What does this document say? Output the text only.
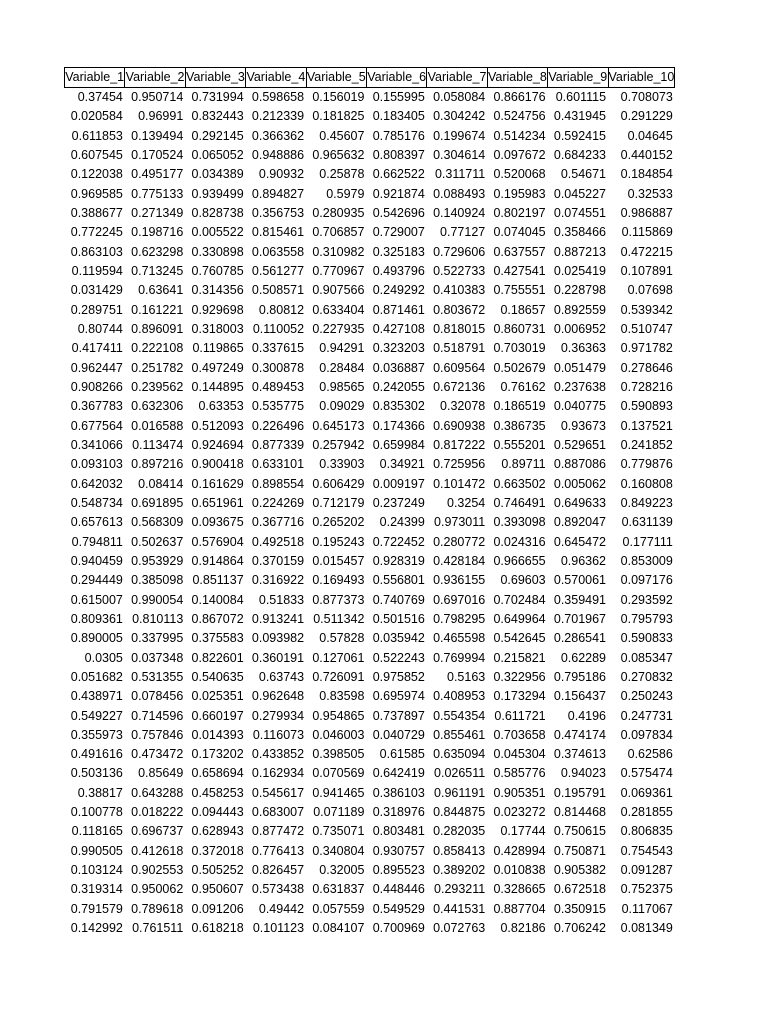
Variable_1	Variable_2	Variable_3	Variable_4	Variable_5	Variable_6	Variable_7	Variable_8	Variable_9	Variable_10
0.37454	0.950714	0.731994	0.598658	0.156019	0.155995	0.058084	0.866176	0.601115	0.708073
0.020584	0.96991	0.832443	0.212339	0.181825	0.183405	0.304242	0.524756	0.431945	0.291229
0.611853	0.139494	0.292145	0.366362	0.45607	0.785176	0.199674	0.514234	0.592415	0.04645
0.607545	0.170524	0.065052	0.948886	0.965632	0.808397	0.304614	0.097672	0.684233	0.440152
0.122038	0.495177	0.034389	0.90932	0.25878	0.662522	0.311711	0.520068	0.54671	0.184854
0.969585	0.775133	0.939499	0.894827	0.5979	0.921874	0.088493	0.195983	0.045227	0.32533
0.388677	0.271349	0.828738	0.356753	0.280935	0.542696	0.140924	0.802197	0.074551	0.986887
0.772245	0.198716	0.005522	0.815461	0.706857	0.729007	0.77127	0.074045	0.358466	0.115869
0.863103	0.623298	0.330898	0.063558	0.310982	0.325183	0.729606	0.637557	0.887213	0.472215
0.119594	0.713245	0.760785	0.561277	0.770967	0.493796	0.522733	0.427541	0.025419	0.107891
0.031429	0.63641	0.314356	0.508571	0.907566	0.249292	0.410383	0.755551	0.228798	0.07698
0.289751	0.161221	0.929698	0.80812	0.633404	0.871461	0.803672	0.18657	0.892559	0.539342
0.80744	0.896091	0.318003	0.110052	0.227935	0.427108	0.818015	0.860731	0.006952	0.510747
0.417411	0.222108	0.119865	0.337615	0.94291	0.323203	0.518791	0.703019	0.36363	0.971782
0.962447	0.251782	0.497249	0.300878	0.28484	0.036887	0.609564	0.502679	0.051479	0.278646
0.908266	0.239562	0.144895	0.489453	0.98565	0.242055	0.672136	0.76162	0.237638	0.728216
0.367783	0.632306	0.63353	0.535775	0.09029	0.835302	0.32078	0.186519	0.040775	0.590893
0.677564	0.016588	0.512093	0.226496	0.645173	0.174366	0.690938	0.386735	0.93673	0.137521
0.341066	0.113474	0.924694	0.877339	0.257942	0.659984	0.817222	0.555201	0.529651	0.241852
0.093103	0.897216	0.900418	0.633101	0.33903	0.34921	0.725956	0.89711	0.887086	0.779876
0.642032	0.08414	0.161629	0.898554	0.606429	0.009197	0.101472	0.663502	0.005062	0.160808
0.548734	0.691895	0.651961	0.224269	0.712179	0.237249	0.3254	0.746491	0.649633	0.849223
0.657613	0.568309	0.093675	0.367716	0.265202	0.24399	0.973011	0.393098	0.892047	0.631139
0.794811	0.502637	0.576904	0.492518	0.195243	0.722452	0.280772	0.024316	0.645472	0.177111
0.940459	0.953929	0.914864	0.370159	0.015457	0.928319	0.428184	0.966655	0.96362	0.853009
0.294449	0.385098	0.851137	0.316922	0.169493	0.556801	0.936155	0.69603	0.570061	0.097176
0.615007	0.990054	0.140084	0.51833	0.877373	0.740769	0.697016	0.702484	0.359491	0.293592
0.809361	0.810113	0.867072	0.913241	0.511342	0.501516	0.798295	0.649964	0.701967	0.795793
0.890005	0.337995	0.375583	0.093982	0.57828	0.035942	0.465598	0.542645	0.286541	0.590833
0.0305	0.037348	0.822601	0.360191	0.127061	0.522243	0.769994	0.215821	0.62289	0.085347
0.051682	0.531355	0.540635	0.63743	0.726091	0.975852	0.5163	0.322956	0.795186	0.270832
0.438971	0.078456	0.025351	0.962648	0.83598	0.695974	0.408953	0.173294	0.156437	0.250243
0.549227	0.714596	0.660197	0.279934	0.954865	0.737897	0.554354	0.611721	0.4196	0.247731
0.355973	0.757846	0.014393	0.116073	0.046003	0.040729	0.855461	0.703658	0.474174	0.097834
0.491616	0.473472	0.173202	0.433852	0.398505	0.61585	0.635094	0.045304	0.374613	0.62586
0.503136	0.85649	0.658694	0.162934	0.070569	0.642419	0.026511	0.585776	0.94023	0.575474
0.38817	0.643288	0.458253	0.545617	0.941465	0.386103	0.961191	0.905351	0.195791	0.069361
0.100778	0.018222	0.094443	0.683007	0.071189	0.318976	0.844875	0.023272	0.814468	0.281855
0.118165	0.696737	0.628943	0.877472	0.735071	0.803481	0.282035	0.17744	0.750615	0.806835
0.990505	0.412618	0.372018	0.776413	0.340804	0.930757	0.858413	0.428994	0.750871	0.754543
0.103124	0.902553	0.505252	0.826457	0.32005	0.895523	0.389202	0.010838	0.905382	0.091287
0.319314	0.950062	0.950607	0.573438	0.631837	0.448446	0.293211	0.328665	0.672518	0.752375
0.791579	0.789618	0.091206	0.49442	0.057559	0.549529	0.441531	0.887704	0.350915	0.117067
0.142992	0.761511	0.618218	0.101123	0.084107	0.700969	0.072763	0.82186	0.706242	0.081349
